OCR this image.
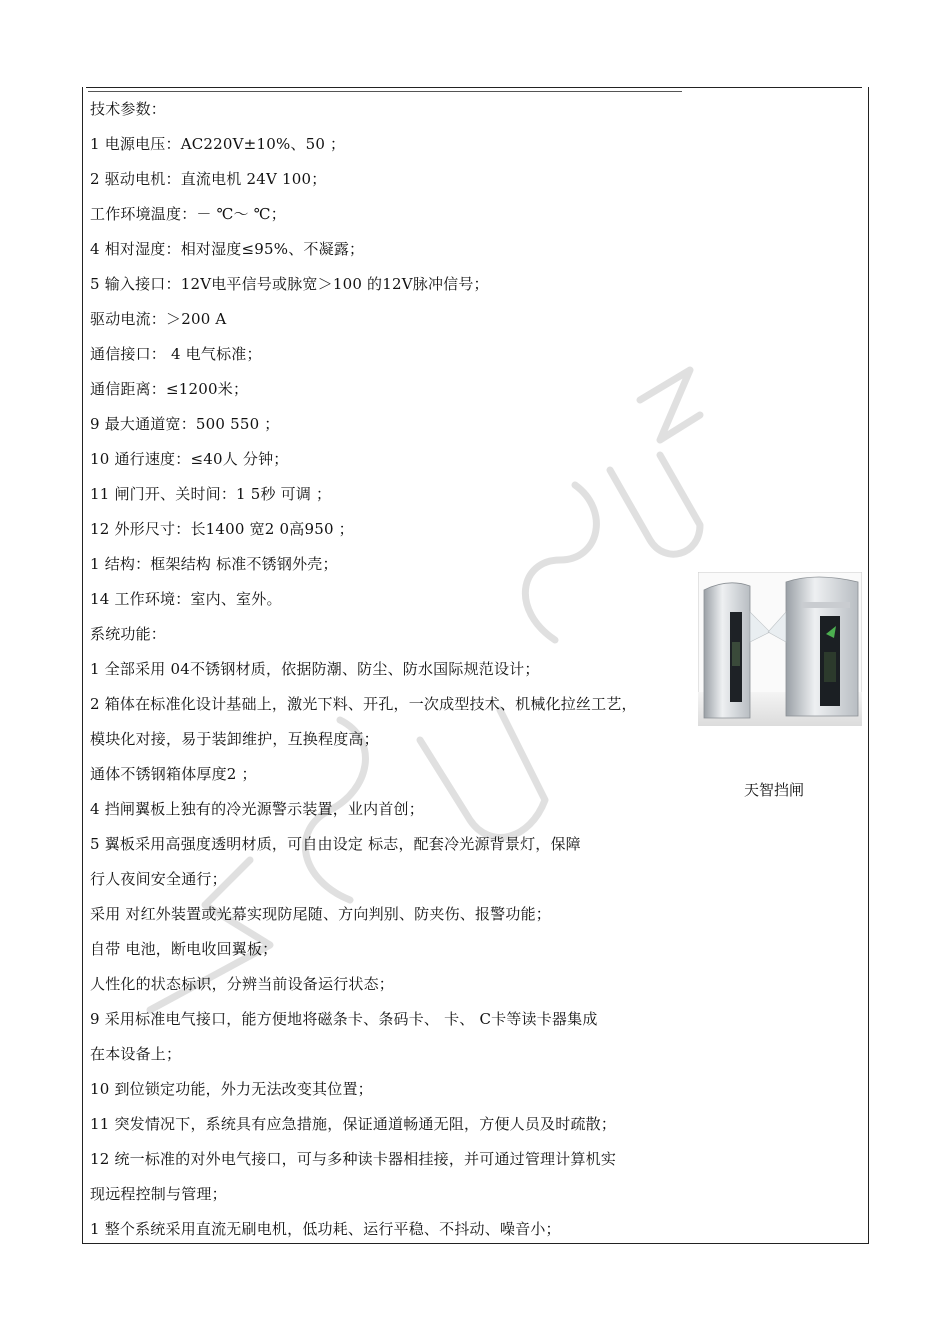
技术参数：
1 电源电压：AC220V±10%、50 ；
2 驱动电机：直流电机 24V 100；
工作环境温度：－ ℃～ ℃；
4 相对湿度：相对湿度≤95%、不凝露；
5 输入接口：12V电平信号或脉宽＞100 的12V脉冲信号；
驱动电流：＞200 A
通信接口： 4 电气标准；
通信距离：≤1200米；
9 最大通道宽：500 550 ；
10 通行速度：≤40人 分钟；
11 闸门开、关时间：1 5秒 可调 ；
12 外形尺寸：长1400 宽2 0高950 ；
1 结构：框架结构 标准不锈钢外壳；
14 工作环境：室内、室外。
系统功能：
1 全部采用 04不锈钢材质，依据防潮、防尘、防水国际规范设计；
2 箱体在标准化设计基础上，激光下料、开孔，一次成型技术、机械化拉丝工艺，
模块化对接，易于装卸维护，互换程度高；
通体不锈钢箱体厚度2 ；
4 挡闸翼板上独有的冷光源警示装置，业内首创；
5 翼板采用高强度透明材质，可自由设定 标志，配套冷光源背景灯，保障
行人夜间安全通行；
采用 对红外装置或光幕实现防尾随、方向判别、防夹伤、报警功能；
自带 电池，断电收回翼板；
人性化的状态标识，分辨当前设备运行状态；
9 采用标准电气接口，能方便地将磁条卡、条码卡、 卡、 C卡等读卡器集成
在本设备上；
10 到位锁定功能，外力无法改变其位置；
11 突发情况下，系统具有应急措施，保证通道畅通无阻，方便人员及时疏散；
12 统一标准的对外电气接口，可与多种读卡器相挂接，并可通过管理计算机实
现远程控制与管理；
1 整个系统采用直流无刷电机，低功耗、运行平稳、不抖动、噪音小；
天智挡闸
